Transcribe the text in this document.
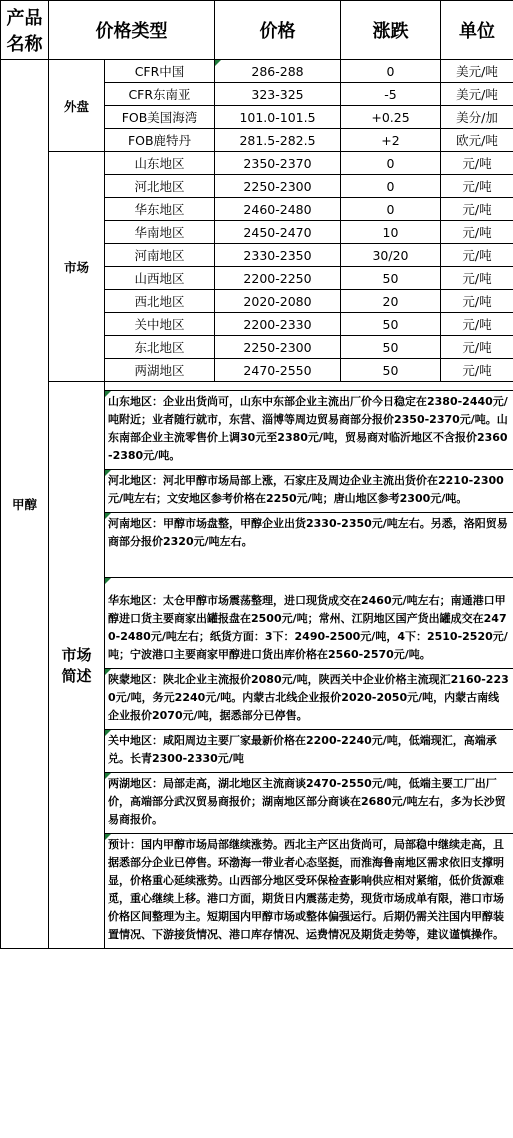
产品
名称	价格类型		价格	涨跌	单位
甲醇	外盘	CFR中国	286-288	0	美元/吨
		CFR东南亚	323-325	-5	美元/吨
		FOB美国海湾	101.0-101.5	+0.25	美分/加
		FOB鹿特丹	281.5-282.5	+2	欧元/吨
	市场	山东地区	2350-2370	0	元/吨
		河北地区	2250-2300	0	元/吨
		华东地区	2460-2480	0	元/吨
		华南地区	2450-2470	10	元/吨
		河南地区	2330-2350	30/20	元/吨
		山西地区	2200-2250	50	元/吨
		西北地区	2020-2080	20	元/吨
		关中地区	2200-2330	50	元/吨
		东北地区	2250-2300	50	元/吨
		两湖地区	2470-2550	50	元/吨

	市场
简述				

		山东地区：企业出货尚可，山东中东部企业主流出厂价今日稳定在2380-2440元/吨附近；业者随行就市，东营、淄博等周边贸易商部分报价2350-2370元/吨。山东南部企业主流零售价上调30元至2380元/吨，贸易商对临沂地区不含报价2360-2380元/吨。			
		河北地区：河北甲醇市场局部上涨，石家庄及周边企业主流出货价在2210-2300元/吨左右；文安地区参考价格在2250元/吨；唐山地区参考2300元/吨。			
		河南地区：甲醇市场盘整，甲醇企业出货2330-2350元/吨左右。另悉，洛阳贸易商部分报价2320元/吨左右。			
		华东地区：太仓甲醇市场震荡整理，进口现货成交在2460元/吨左右；南通港口甲醇进口货主要商家出罐报盘在2500元/吨；常州、江阴地区国产货出罐成交在2470-2480元/吨左右；纸货方面：3下：2490-2500元/吨，4下：2510-2520元/吨；宁波港口主要商家甲醇进口货出库价格在2560-2570元/吨。			
		陕蒙地区：陕北企业主流报价2080元/吨，陕西关中企业价格主流现汇2160-2230元/吨，务元2240元/吨。内蒙古北线企业报价2020-2050元/吨，内蒙古南线企业报价2070元/吨，据悉部分已停售。			
		关中地区：咸阳周边主要厂家最新价格在2200-2240元/吨，低端现汇，高端承兑。长青2300-2330元/吨			
		两湖地区：局部走高，湖北地区主流商谈2470-2550元/吨，低端主要工厂出厂价，高端部分武汉贸易商报价；湖南地区部分商谈在2680元/吨左右，多为长沙贸易商报价。			
		预计：国内甲醇市场局部继续涨势。西北主产区出货尚可，局部稳中继续走高，且据悉部分企业已停售。环渤海一带业者心态坚挺，而淮海鲁南地区需求依旧支撑明显，价格重心延续涨势。山西部分地区受环保检查影响供应相对紧缩，低价货源难觅，重心继续上移。港口方面，期货日内震荡走势，现货市场成单有限，港口市场价格区间整理为主。短期国内甲醇市场或整体偏强运行。后期仍需关注国内甲醇装置情况、下游接货情况、港口库存情况、运费情况及期货走势等，建议谨慎操作。			
